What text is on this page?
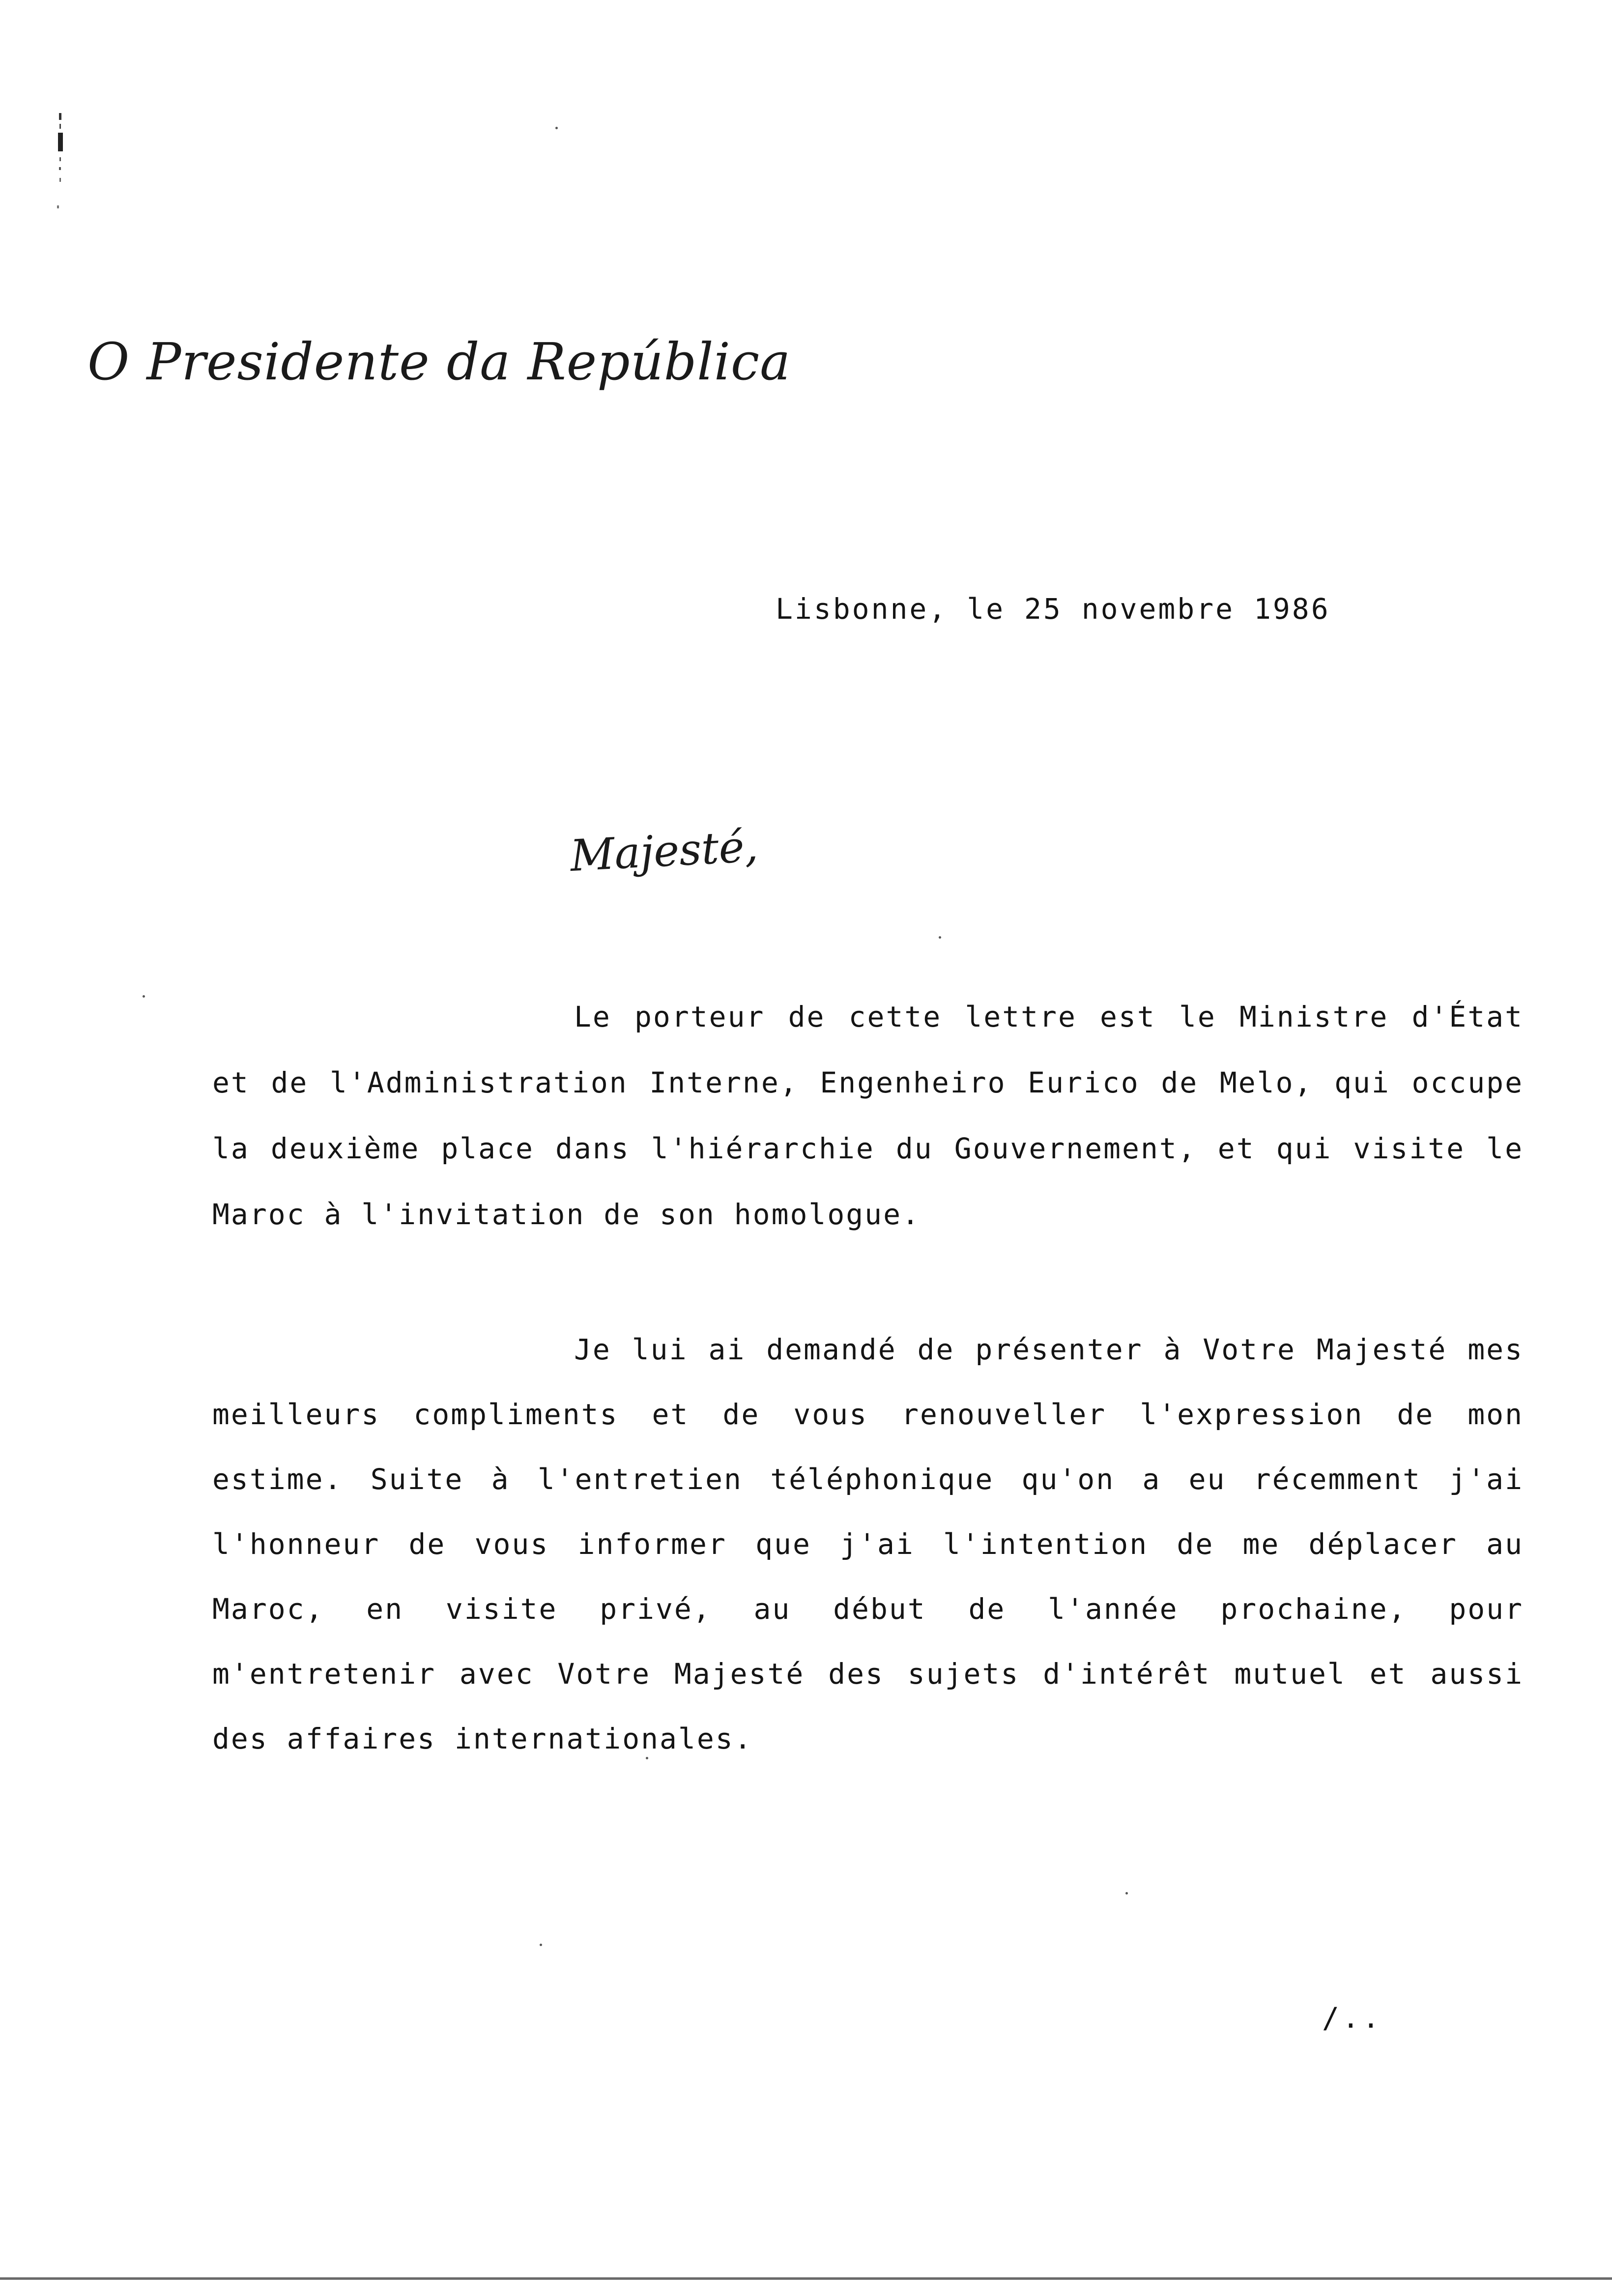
O Presidente da República
Lisbonne, le 25 novembre 1986
Majesté,

Le porteur de cette lettre est le Ministre d'État et de l'Administration Interne, Engenheiro Eurico de Melo, qui occupe la deuxième place dans l'hiérarchie du Gouvernement, et qui visite le Maroc à l'invitation de son homologue.

Je lui ai demandé de présenter à Votre Majesté mes meilleurs compliments et de vous renouveller l'expression de mon estime. Suite à l'entretien téléphonique qu'on a eu récemment j'ai l'honneur de vous informer que j'ai l'intention de me déplacer au Maroc, en visite privé, au début de l'année prochaine, pour m'entretenir avec Votre Majesté des sujets d'intérêt mutuel et aussi des affaires internationales.

/..
